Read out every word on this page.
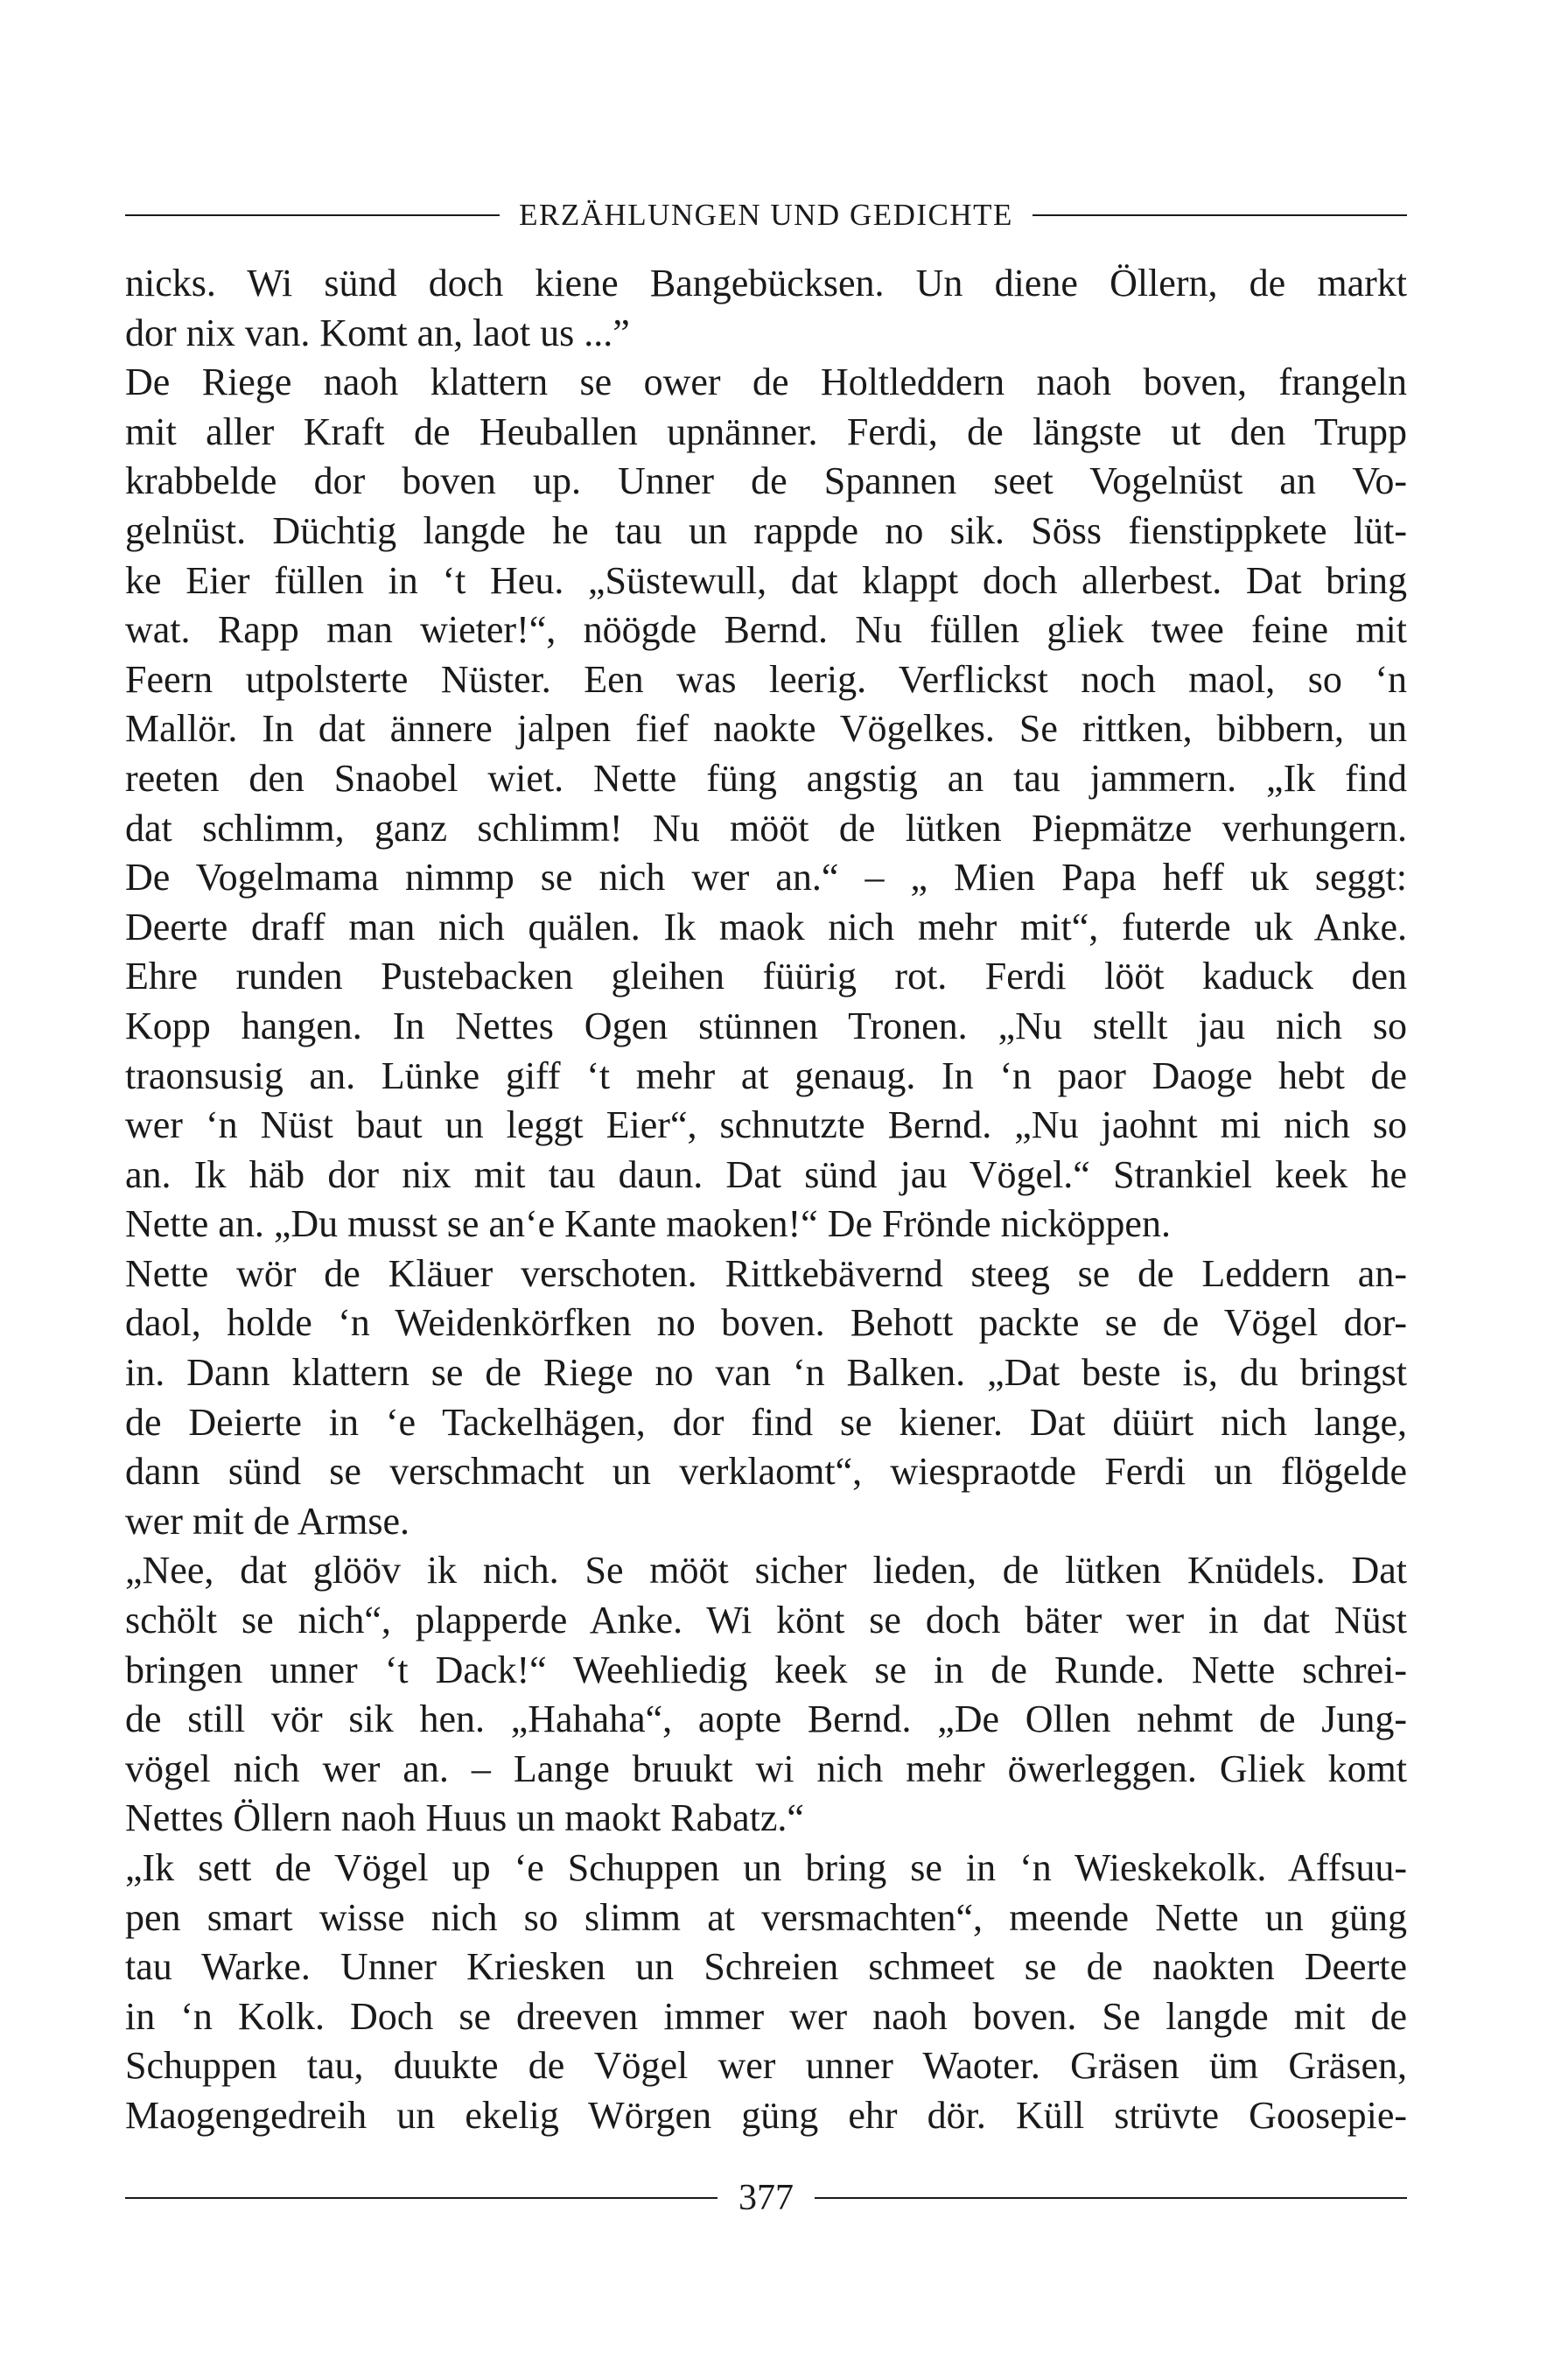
ERZÄHLUNGEN UND GEDICHTE
nicks. Wi sünd doch kiene Bangebücksen. Un diene Öllern, de markt
dor nix van. Komt an, laot us ...”
De Riege naoh klattern se ower de Holtleddern naoh boven, frangeln
mit aller Kraft de Heuballen upnänner. Ferdi, de längste ut den Trupp
krabbelde dor boven up. Unner de Spannen seet Vogelnüst an Vo-
gelnüst. Düchtig langde he tau un rappde no sik. Söss fienstippkete lüt-
ke Eier füllen in ‘t Heu. „Süstewull, dat klappt doch allerbest. Dat bring
wat. Rapp man wieter!“, nöögde Bernd. Nu füllen gliek twee feine mit
Feern utpolsterte Nüster. Een was leerig. Verflickst noch maol, so ‘n
Mallör. In dat ännere jalpen fief naokte Vögelkes. Se rittken, bibbern, un
reeten den Snaobel wiet. Nette füng angstig an tau jammern. „Ik find
dat schlimm, ganz schlimm! Nu mööt de lütken Piepmätze verhungern.
De Vogelmama nimmp se nich wer an.“ – „ Mien Papa heff uk seggt:
Deerte draff man nich quälen. Ik maok nich mehr mit“, futerde uk Anke.
Ehre runden Pustebacken gleihen füürig rot. Ferdi lööt kaduck den
Kopp hangen. In Nettes Ogen stünnen Tronen. „Nu stellt jau nich so
traonsusig an. Lünke giff ‘t mehr at genaug. In ‘n paor Daoge hebt de
wer ‘n Nüst baut un leggt Eier“, schnutzte Bernd. „Nu jaohnt mi nich so
an. Ik häb dor nix mit tau daun. Dat sünd jau Vögel.“ Strankiel keek he
Nette an. „Du musst se an‘e Kante maoken!“ De Frönde nicköppen.
Nette wör de Kläuer verschoten. Rittkebävernd steeg se de Leddern an-
daol, holde ‘n Weidenkörfken no boven. Behott packte se de Vögel dor-
in. Dann klattern se de Riege no van ‘n Balken. „Dat beste is, du bringst
de Deierte in ‘e Tackelhägen, dor find se kiener. Dat düürt nich lange,
dann sünd se verschmacht un verklaomt“, wiespraotde Ferdi un flögelde
wer mit de Armse.
„Nee, dat glööv ik nich. Se mööt sicher lieden, de lütken Knüdels. Dat
schölt se nich“, plapperde Anke. Wi könt se doch bäter wer in dat Nüst
bringen unner ‘t Dack!“ Weehliedig keek se in de Runde. Nette schrei-
de still vör sik hen. „Hahaha“, aopte Bernd. „De Ollen nehmt de Jung-
vögel nich wer an. – Lange bruukt wi nich mehr öwerleggen. Gliek komt
Nettes Öllern naoh Huus un maokt Rabatz.“
„Ik sett de Vögel up ‘e Schuppen un bring se in ‘n Wieskekolk. Affsuu-
pen smart wisse nich so slimm at versmachten“, meende Nette un güng
tau Warke. Unner Kriesken un Schreien schmeet se de naokten Deerte
in ‘n Kolk. Doch se dreeven immer wer naoh boven. Se langde mit de
Schuppen tau, duukte de Vögel wer unner Waoter. Gräsen üm Gräsen,
Maogengedreih un ekelig Wörgen güng ehr dör. Küll strüvte Goosepie-
377
